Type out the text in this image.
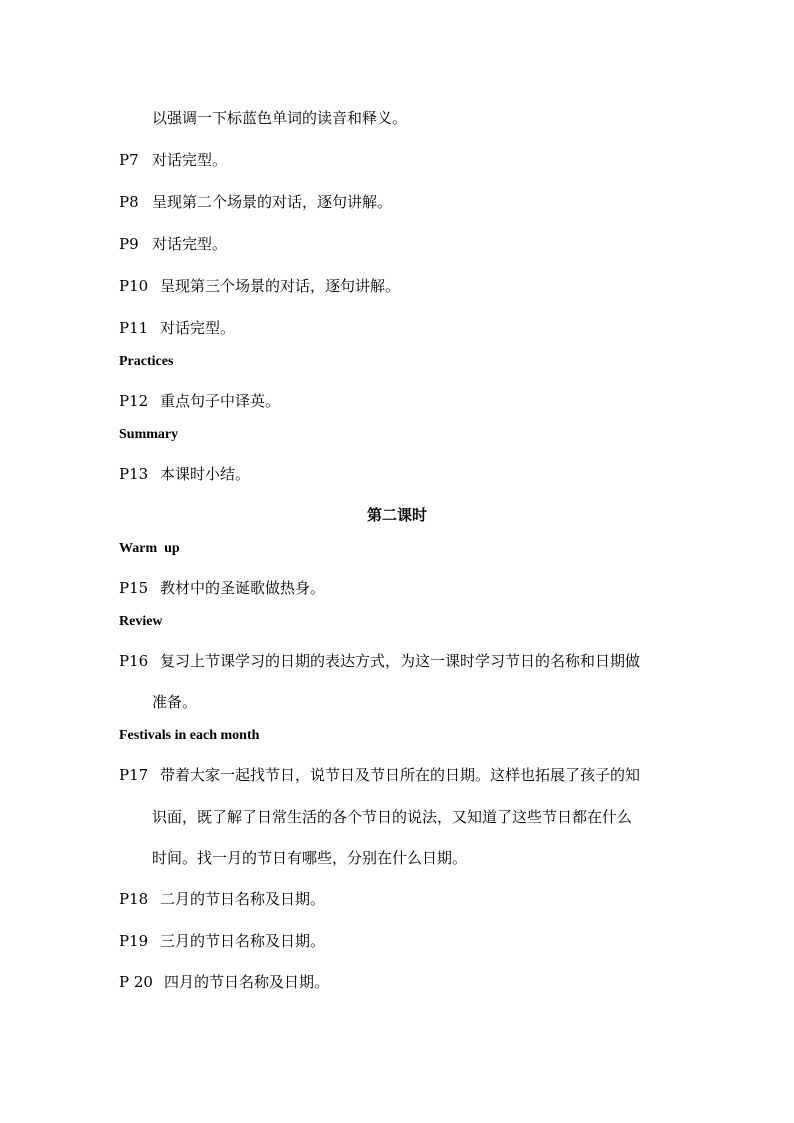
以强调一下标蓝色单词的读音和释义。
P7 对话完型。
P8 呈现第二个场景的对话，逐句讲解。
P9 对话完型。
P10 呈现第三个场景的对话，逐句讲解。
P11 对话完型。
Practices
P12 重点句子中译英。
Summary
P13 本课时小结。
第二课时
Warm  up
P15 教材中的圣诞歌做热身。
Review
P16 复习上节课学习的日期的表达方式，为这一课时学习节日的名称和日期做
准备。
Festivals in each month
P17 带着大家一起找节日，说节日及节日所在的日期。这样也拓展了孩子的知
识面，既了解了日常生活的各个节日的说法，又知道了这些节日都在什么
时间。找一月的节日有哪些，分别在什么日期。
P18 二月的节日名称及日期。
P19 三月的节日名称及日期。
P 20 四月的节日名称及日期。
